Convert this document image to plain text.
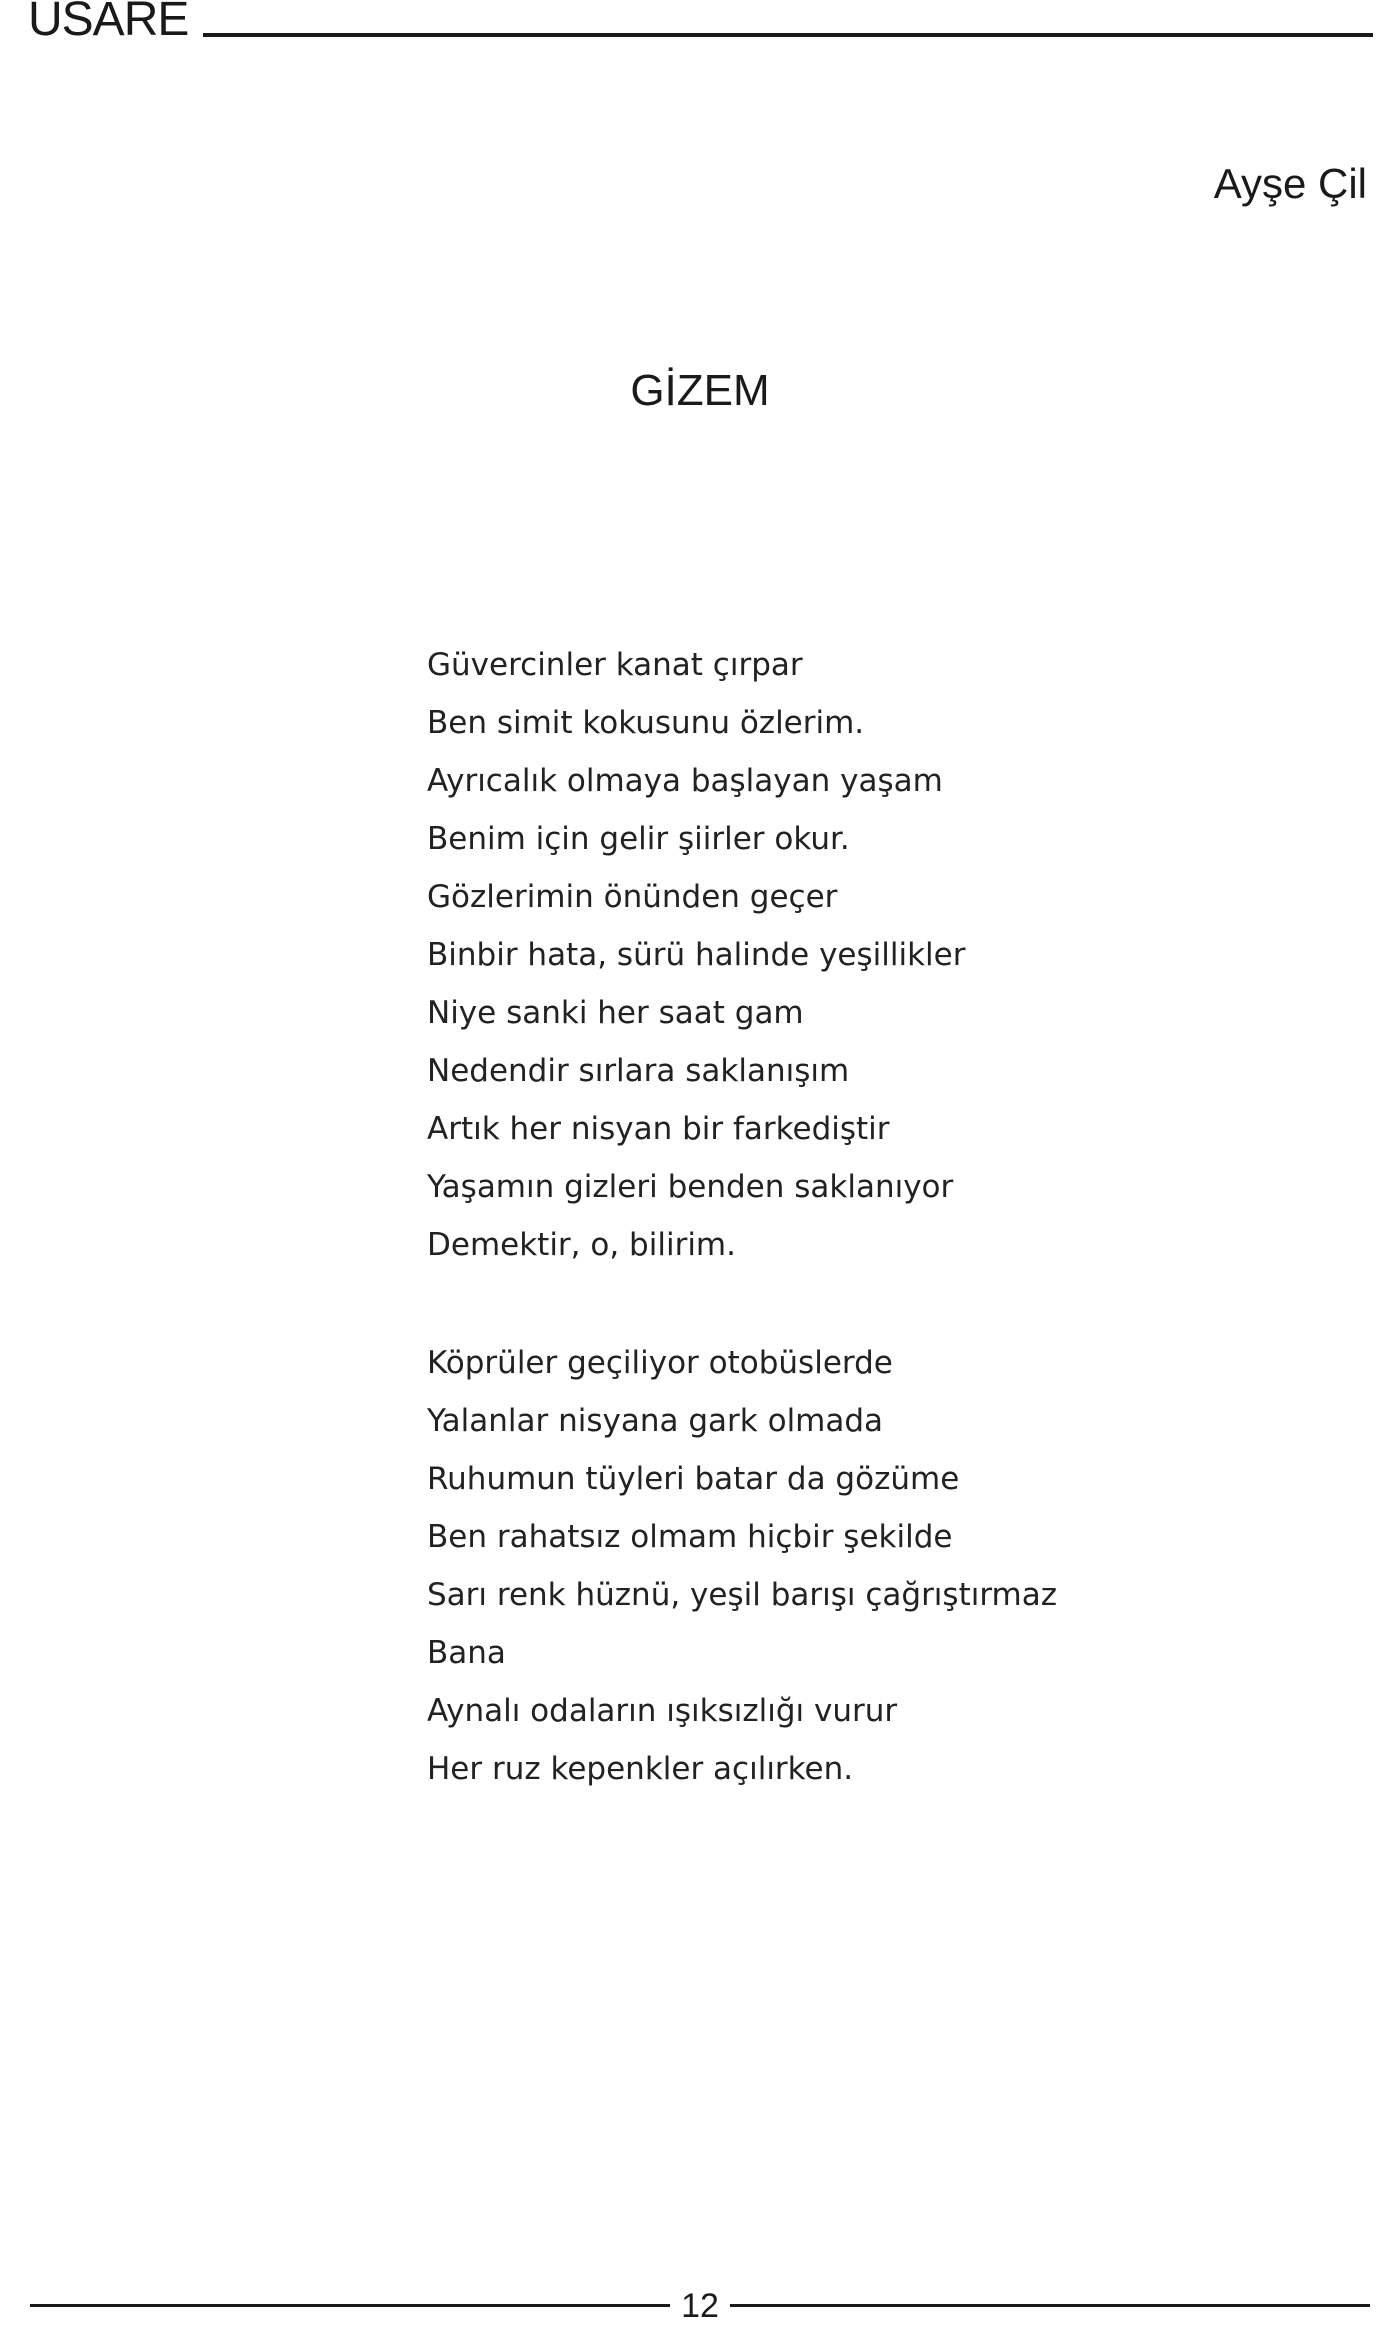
USARE
Ayşe Çil
GİZEM
Güvercinler kanat çırpar
Ben simit kokusunu özlerim.
Ayrıcalık olmaya başlayan yaşam
Benim için gelir şiirler okur.
Gözlerimin önünden geçer
Binbir hata, sürü halinde yeşillikler
Niye sanki her saat gam
Nedendir sırlara saklanışım
Artık her nisyan bir farkediştir
Yaşamın gizleri benden saklanıyor
Demektir, o, bilirim.
Köprüler geçiliyor otobüslerde
Yalanlar nisyana gark olmada
Ruhumun tüyleri batar da gözüme
Ben rahatsız olmam hiçbir şekilde
Sarı renk hüznü, yeşil barışı çağrıştırmaz
Bana
Aynalı odaların ışıksızlığı vurur
Her ruz kepenkler açılırken.
12
